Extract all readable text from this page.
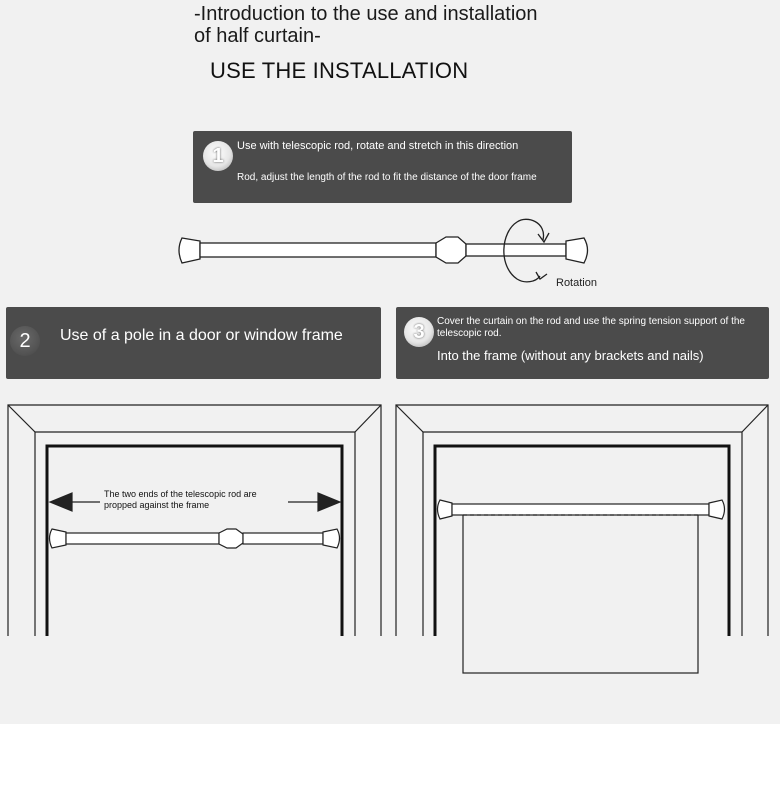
-Introduction to the use and installation
of half curtain-
USE THE INSTALLATION
1	Use with telescopic rod, rotate and stretch in this direction
Rod, adjust the length of the rod to fit the distance of the door frame
Rotation
2	Use of a pole in a door or window frame	3	Cover the curtain on the rod and use the spring tension support of the telescopic rod.
Into the frame (without any brackets and nails)
The two ends of the telescopic rod are propped against the frame
